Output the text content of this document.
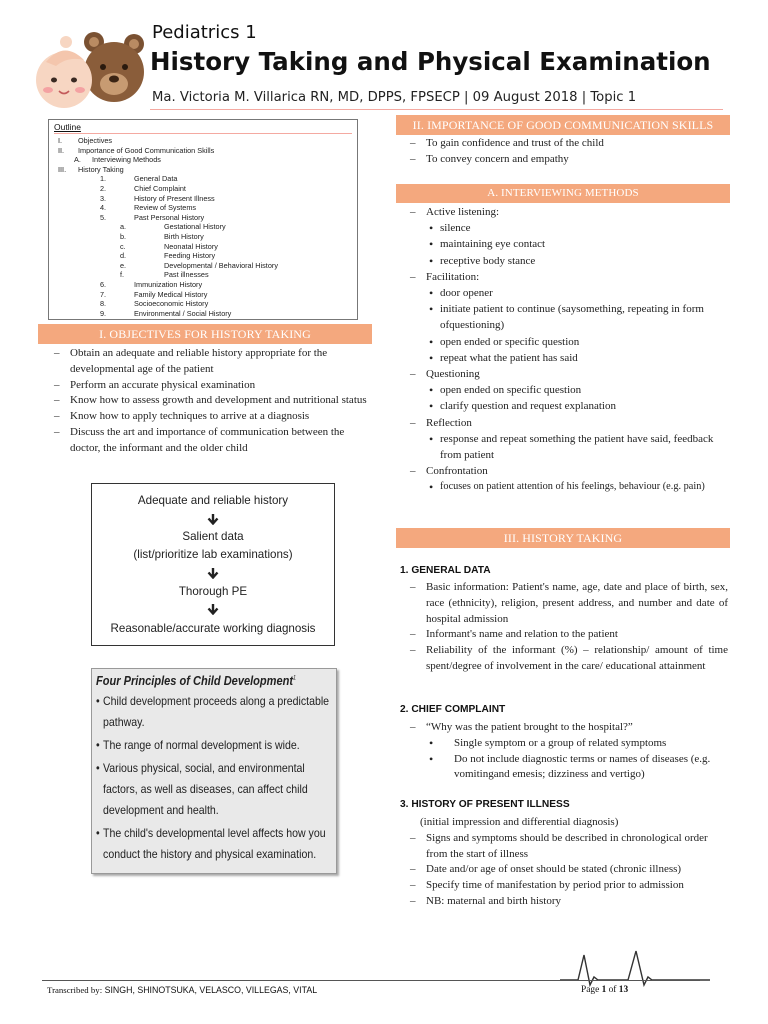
Pediatrics 1
History Taking and Physical Examination
Ma. Victoria M. Villarica RN, MD, DPPS, FPSECP | 09 August 2018 | Topic 1
Outline
I. Objectives
II. Importance of Good Communication Skills
A. Interviewing Methods
III. History Taking
1.	General Data
2.	Chief Complaint
3.	History of Present Illness
4.	Review of Systems
5.	Past Personal History
a.	Gestational History
b.	Birth History
c.	Neonatal History
d.	Feeding History
e.	Developmental / Behavioral History
f.	Past illnesses
6.	Immunization History
7.	Family Medical History
8.	Socioeconomic History
9.	Environmental / Social History
I. OBJECTIVES FOR HISTORY TAKING
– Obtain an adequate and reliable history appropriate for the developmental age of the patient
– Perform an accurate physical examination
– Know how to assess growth and development and nutritional status
– Know how to apply techniques to arrive at a diagnosis
– Discuss the art and importance of communication between the doctor, the informant and the older child
Adequate and reliable history
Salient data
(list/prioritize lab examinations)
Thorough PE
Reasonable/accurate working diagnosis
Four Principles of Child Development$^1$
• Child development proceeds along a predictable pathway.
• The range of normal development is wide.
• Various physical, social, and environmental factors, as well as diseases, can affect child development and health.
• The child's developmental level affects how you conduct the history and physical examination.
II. IMPORTANCE OF GOOD COMMUNICATION SKILLS
– To gain confidence and trust of the child
– To convey concern and empathy
A. INTERVIEWING METHODS
– Active listening:
• silence
• maintaining eye contact
• receptive body stance
– Facilitation:
• door opener
• initiate patient to continue (saysomething, repeating in form ofquestioning)
• open ended or specific question
• repeat what the patient has said
– Questioning
• open ended on specific question
• clarify question and request explanation
– Reflection
• response and repeat something the patient have said, feedback from patient
– Confrontation
• focuses on patient attention of his feelings, behaviour (e.g. pain)
III. HISTORY TAKING
1. GENERAL DATA
– Basic information: Patient's name, age, date and place of birth, sex, race (ethnicity), religion, present address, and number and date of hospital admission
– Informant's name and relation to the patient
– Reliability of the informant (%) – relationship/ amount of time spent/degree of involvement in the care/ educational attainment
2. CHIEF COMPLAINT
– “Why was the patient brought to the hospital?”
• Single symptom or a group of related symptoms
• Do not include diagnostic terms or names of diseases (e.g. vomitingand emesis; dizziness and vertigo)
3. HISTORY OF PRESENT ILLNESS
(initial impression and differential diagnosis)
– Signs and symptoms should be described in chronological order from the start of illness
– Date and/or age of onset should be stated (chronic illness)
– Specify time of manifestation by period prior to admission
– NB: maternal and birth history
Transcribed by: SINGH, SHINOTSUKA, VELASCO, VILLEGAS, VITAL	Page 1 of 13
